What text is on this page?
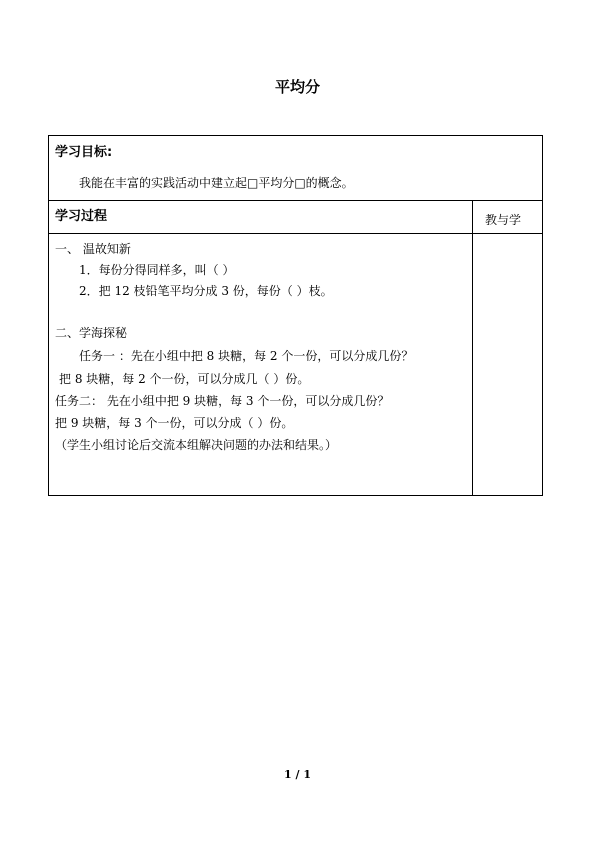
平均分
学习目标:
我能在丰富的实践活动中建立起□平均分□的概念。
学习过程	教与学
一、 温故知新
1．每份分得同样多，叫（ ）
2．把 12 枝铅笔平均分成 3 份，每份（ ）枝。
二、学海探秘
任务一 ：先在小组中把 8 块糖，每 2 个一份，可以分成几份？
把 8 块糖，每 2 个一份，可以分成几（ ）份。
任务二： 先在小组中把 9 块糖，每 3 个一份，可以分成几份？
把 9 块糖，每 3 个一份，可以分成（ ）份。
（学生小组讨论后交流本组解决问题的办法和结果。）
1 / 1
